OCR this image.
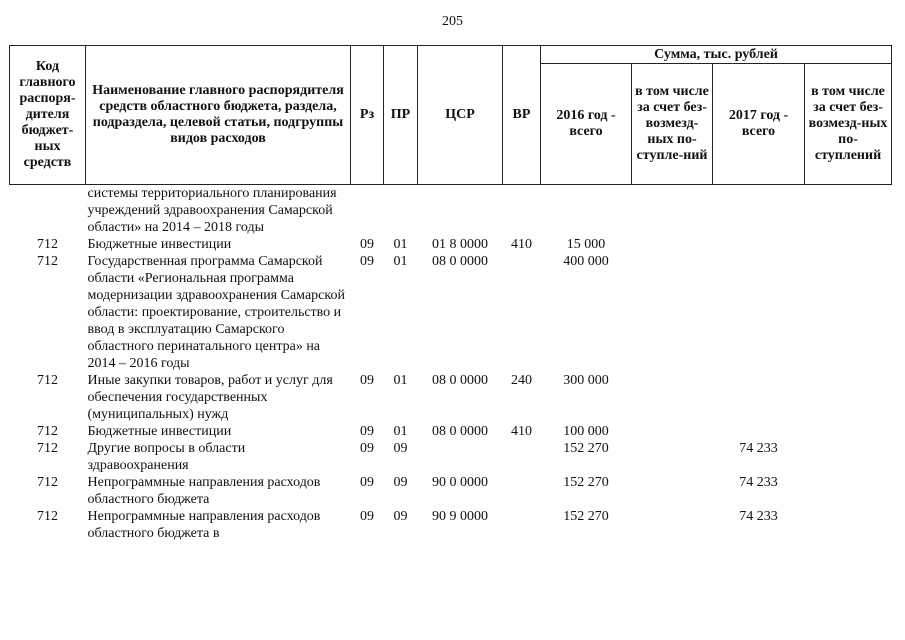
205
Код главного распоря-дителя бюджет-ных средств	Наименование главного распорядителя средств областного бюджета, раздела, подраздела, целевой статьи, подгруппы видов расходов	Рз	ПР	ЦСР	ВР	Сумма, тыс. рублей			
						2016 год - всего	в том числе за счет без-возмезд-ных по-ступле-ний	2017 год - всего	в том числе за счет без-возмезд-ных по-ступлений
	системы территориального планирования учреждений здравоохранения Самарской области» на 2014 – 2018 годы								
712	Бюджетные инвестиции	09	01	01 8 0000	410	15 000			
712	Государственная программа Самарской области «Региональная программа модернизации здравоохранения Самарской области: проектирование, строительство и ввод в эксплуатацию Самарского областного перинатального центра» на 2014 – 2016 годы	09	01	08 0 0000		400 000			
712	Иные закупки товаров, работ и услуг для обеспечения государственных (муниципальных) нужд	09	01	08 0 0000	240	300 000			
712	Бюджетные инвестиции	09	01	08 0 0000	410	100 000			
712	Другие вопросы в области здравоохранения	09	09			152 270		74 233	
712	Непрограммные направления расходов областного бюджета	09	09	90 0 0000		152 270		74 233	
712	Непрограммные направления расходов областного бюджета в	09	09	90 9 0000		152 270		74 233	
